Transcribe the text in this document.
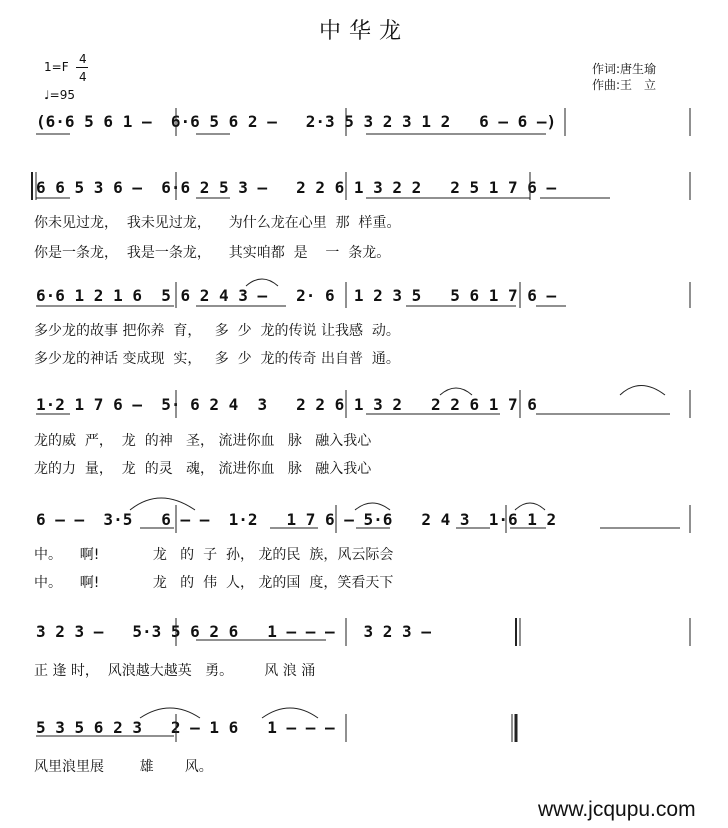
中华龙
1=F
4
4
♩=95
作词:唐生瑜
作曲:王　立
(6·6 5 6 1 –  6·6 5 6 2 –   2·3 5 3 2 3 1 2   6 – 6 –)
6 6 5 3 6 –  6·6 2 5 3 –   2 2 6 1 3 2 2   2 5 1 7 6 –
你未见过龙，  我未见过龙，    为什么龙在心里  那  样重。
你是一条龙，  我是一条龙，    其实咱都  是    一  条龙。
6·6 1 2 1 6  5 6 2 4 3 –   2· 6  1 2 3 5   5 6 1 7 6 –
多少龙的故事 把你养  育，   多  少  龙的传说 让我感  动。
多少龙的神话 变成现  实，   多  少  龙的传奇 出自普  通。
1·2 1 7 6 –  5· 6 2 4  3   2 2 6 1 3 2   2 2 6 1 7 6
龙的威  严，  龙  的神   圣， 流进你血   脉   融入我心
龙的力  量，  龙  的灵   魂， 流进你血   脉   融入我心
6 – –  3·5   6 – –  1·2   1 7 6 – 5·6   2 4 3  1·6 1 2
中。    啊!            龙   的  子  孙， 龙的民  族，风云际会
中。    啊!            龙   的  伟  人， 龙的国  度，笑看天下
3 2 3 –   5·3 5 6 2 6   1 – – –   3 2 3 –
正 逢 时，  风浪越大越英   勇。       风 浪 涌
5 3 5 6 2 3   2 – 1 6   1 – – –
风里浪里展        雄       风。
www.jcqupu.com
